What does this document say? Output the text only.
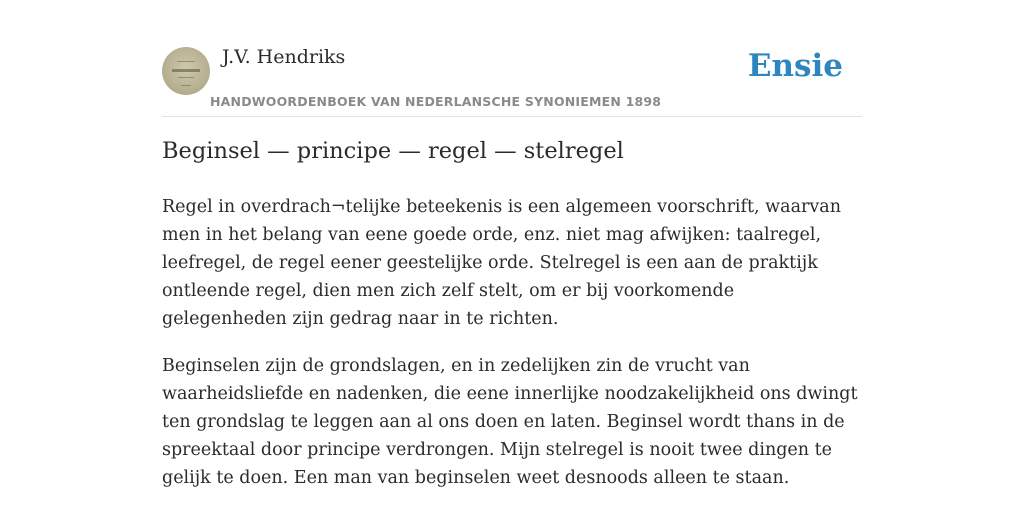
J.V. Hendriks
HANDWOORDENBOEK VAN NEDERLANSCHE SYNONIEMEN 1898
Ensie
Beginsel — principe — regel — stelregel

Regel in overdrach¬telijke beteekenis is een algemeen voorschrift, waarvan men in het belang van eene goede orde, enz. niet mag afwijken: taalregel, leefregel, de regel eener geestelijke orde. Stelregel is een aan de praktijk ontleende regel, dien men zich zelf stelt, om er bij voorkomende gelegenheden zijn gedrag naar in te richten.

Beginselen zijn de grondslagen, en in zedelijken zin de vrucht van waarheidsliefde en nadenken, die eene innerlijke noodzakelijkheid ons dwingt ten grondslag te leggen aan al ons doen en laten. Beginsel wordt thans in de spreektaal door principe verdrongen. Mijn stelregel is nooit twee dingen te gelijk te doen. Een man van beginselen weet desnoods alleen te staan.
